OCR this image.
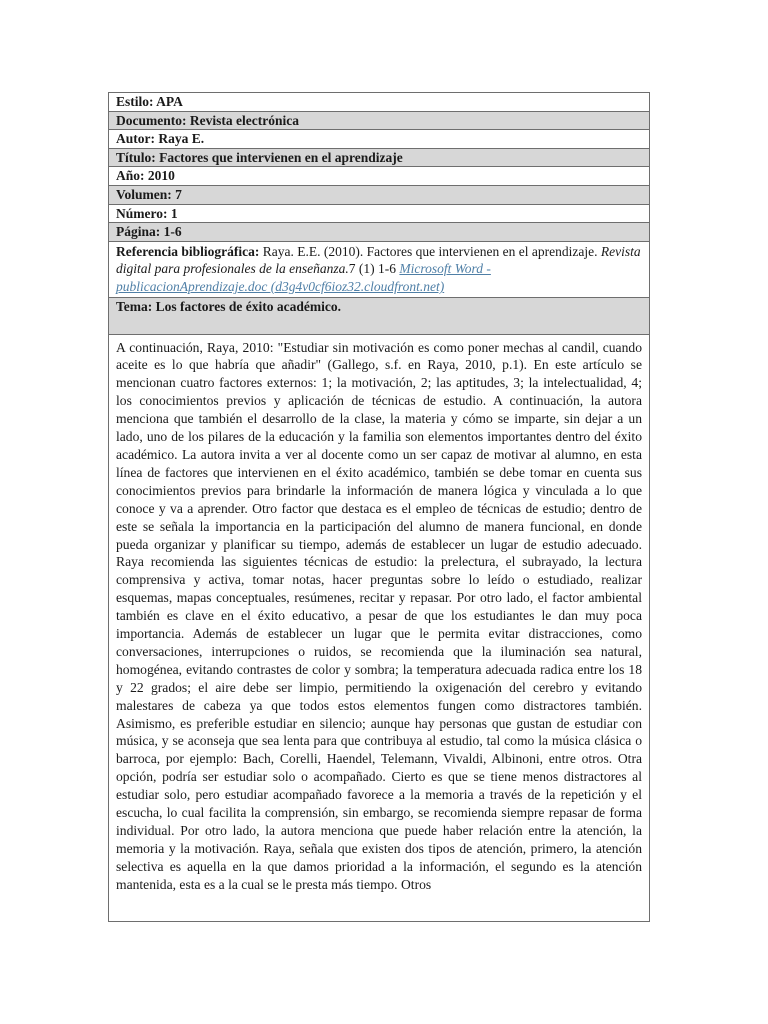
Estilo: APA
Documento: Revista electrónica
Autor: Raya E.
Título: Factores que intervienen en el aprendizaje
Año: 2010
Volumen: 7
Número: 1
Página: 1-6
Referencia bibliográfica: Raya. E.E. (2010). Factores que intervienen en el aprendizaje. Revista digital para profesionales de la enseñanza.7 (1) 1-6 Microsoft Word - publicacionAprendizaje.doc (d3g4v0cf6ioz32.cloudfront.net)
Tema: Los factores de éxito académico.

A continuación, Raya, 2010: "Estudiar sin motivación es como poner mechas al candil, cuando aceite es lo que habría que añadir" (Gallego, s.f. en Raya, 2010, p.1). En este artículo se mencionan cuatro factores externos: 1; la motivación, 2; las aptitudes, 3; la intelectualidad, 4; los conocimientos previos y aplicación de técnicas de estudio. A continuación, la autora menciona que también el desarrollo de la clase, la materia y cómo se imparte, sin dejar a un lado, uno de los pilares de la educación y la familia son elementos importantes dentro del éxito académico. La autora invita a ver al docente como un ser capaz de motivar al alumno, en esta línea de factores que intervienen en el éxito académico, también se debe tomar en cuenta sus conocimientos previos para brindarle la información de manera lógica y vinculada a lo que conoce y va a aprender. Otro factor que destaca es el empleo de técnicas de estudio; dentro de este se señala la importancia en la participación del alumno de manera funcional, en donde pueda organizar y planificar su tiempo, además de establecer un lugar de estudio adecuado. Raya recomienda las siguientes técnicas de estudio: la prelectura, el subrayado, la lectura comprensiva y activa, tomar notas, hacer preguntas sobre lo leído o estudiado, realizar esquemas, mapas conceptuales, resúmenes, recitar y repasar. Por otro lado, el factor ambiental también es clave en el éxito educativo, a pesar de que los estudiantes le dan muy poca importancia. Además de establecer un lugar que le permita evitar distracciones, como conversaciones, interrupciones o ruidos, se recomienda que la iluminación sea natural, homogénea, evitando contrastes de color y sombra; la temperatura adecuada radica entre los 18 y 22 grados; el aire debe ser limpio, permitiendo la oxigenación del cerebro y evitando malestares de cabeza ya que todos estos elementos fungen como distractores también. Asimismo, es preferible estudiar en silencio; aunque hay personas que gustan de estudiar con música, y se aconseja que sea lenta para que contribuya al estudio, tal como la música clásica o barroca, por ejemplo: Bach, Corelli, Haendel, Telemann, Vivaldi, Albinoni, entre otros. Otra opción, podría ser estudiar solo o acompañado. Cierto es que se tiene menos distractores al estudiar solo, pero estudiar acompañado favorece a la memoria a través de la repetición y el escucha, lo cual facilita la comprensión, sin embargo, se recomienda siempre repasar de forma individual. Por otro lado, la autora menciona que puede haber relación entre la atención, la memoria y la motivación. Raya, señala que existen dos tipos de atención, primero, la atención selectiva es aquella en la que damos prioridad a la información, el segundo es la atención mantenida, esta es a la cual se le presta más tiempo. Otros
